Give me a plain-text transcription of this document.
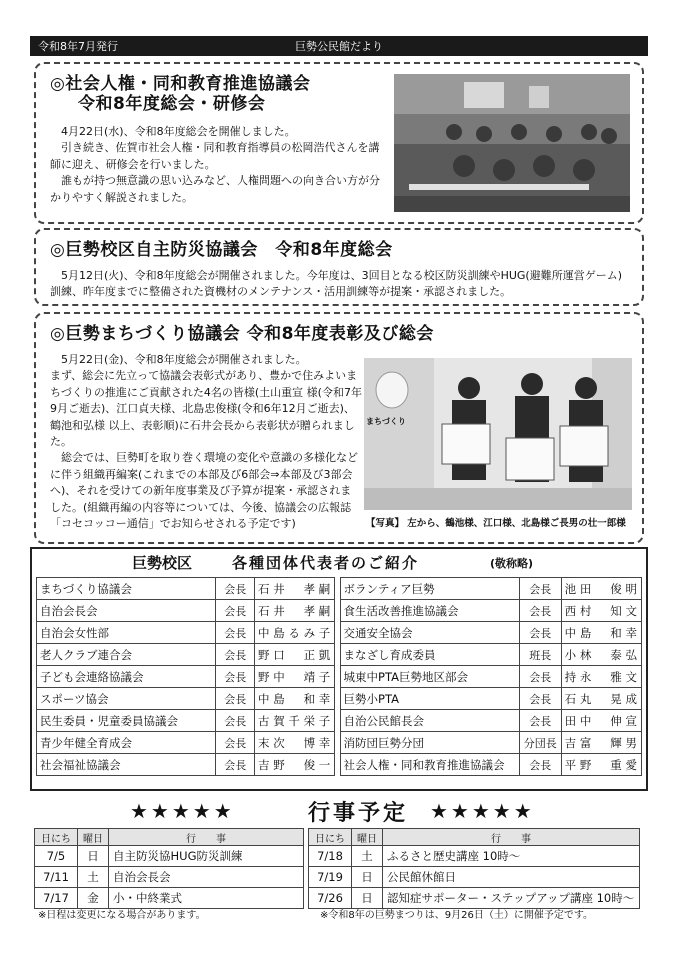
令和8年7月発行	巨勢公民館だより
◎社会人権・同和教育推進協議会
令和8年度総会・研修会

4月22日(水)、令和8年度総会を開催しました。

引き続き、佐賀市社会人権・同和教育指導員の松岡浩代さんを講師に迎え、研修会を行いました。

誰もが持つ無意識の思い込みなど、人権問題への向き合い方が分かりやすく解説されました。

◎巨勢校区自主防災協議会　令和8年度総会

5月12日(火)、令和8年度総会が開催されました。今年度は、3回目となる校区防災訓練やHUG(避難所運営ゲーム)訓練、昨年度までに整備された資機材のメンテナンス・活用訓練等が提案・承認されました。

◎巨勢まちづくり協議会 令和8年度表彰及び総会

5月22日(金)、令和8年度総会が開催されました。

まず、総会に先立って協議会表彰式があり、豊かで住みよいまちづくりの推進にご貢献された4名の皆様(土山重宣 様(令和7年9月ご逝去)、江口貞夫様、北島忠俊様(令和6年12月ご逝去)、鶴池和弘様 以上、表彰順)に石井会長から表彰状が贈られました。

総会では、巨勢町を取り巻く環境の変化や意識の多様化などに伴う組織再編案(これまでの本部及び6部会⇒本部及び3部会へ)、それを受けての新年度事業及び予算が提案・承認されました。(組織再編の内容等については、今後、協議会の広報誌「コセコッコー通信」でお知らせされる予定です)

まちづくり
【写真】 左から、鶴池様、江口様、北島様ご長男の壮一郎様
巨勢校区	各種団体代表者のご紹介	(敬称略)
まちづくり協議会	会長	石井　孝嗣		ボランティア巨勢	会長	池田　俊明
自治会長会	会長	石井　孝嗣		食生活改善推進協議会	会長	西村　知文
自治会女性部	会長	中島るみ子		交通安全協会	会長	中島　和幸
老人クラブ連合会	会長	野口　正凱		まなざし育成委員	班長	小林　泰弘
子ども会連絡協議会	会長	野中　靖子		城東中PTA巨勢地区部会	会長	持永　雅文
スポーツ協会	会長	中島　和幸		巨勢小PTA	会長	石丸　晃成
民生委員・児童委員協議会	会長	古賀千栄子		自治公民館長会	会長	田中　伸宣
青少年健全育成会	会長	末次　博幸		消防団巨勢分団	分団長	吉富　輝男
社会福祉協議会	会長	吉野　俊一		社会人権・同和教育推進協議会	会長	平野　重愛
★★★★★	行事予定 ★★★★★
日にち	曜日	行　　事
7/5	日	自主防災協HUG防災訓練
7/11	土	自治会長会
7/17	金	小・中終業式
日にち	曜日	行　　事
7/18	土	ふるさと歴史講座 10時～
7/19	日	公民館休館日
7/26	日	認知症サポーター・ステップアップ講座 10時～
※日程は変更になる場合があります。	※令和8年の巨勢まつりは、9月26日（土）に開催予定です。
